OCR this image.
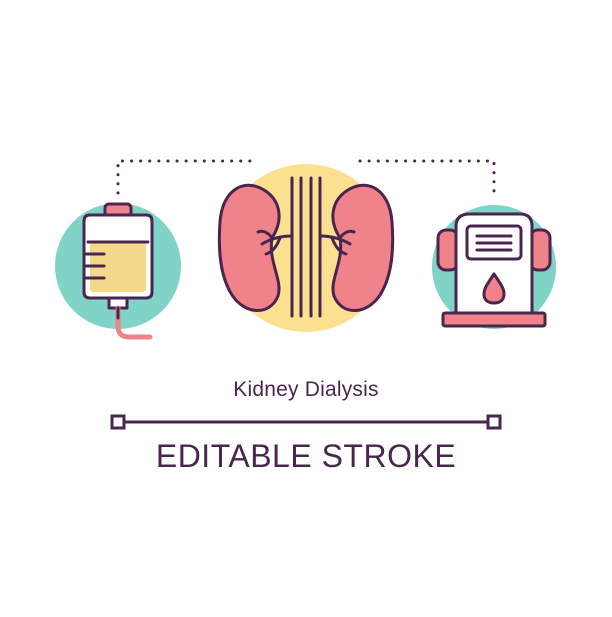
Kidney Dialysis

EDITABLE STROKE
